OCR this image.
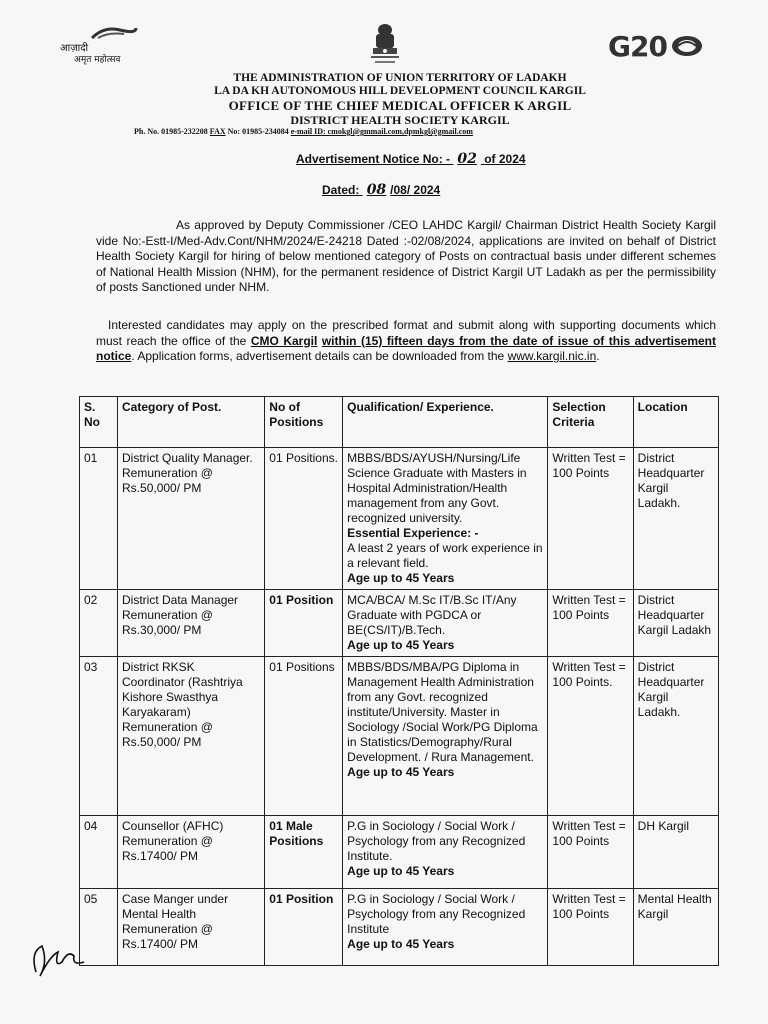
आज़ादी
अमृत महोत्सव	G20

THE ADMINISTRATION OF UNION TERRITORY OF LADAKH

LA DA KH AUTONOMOUS HILL DEVELOPMENT COUNCIL KARGIL

OFFICE OF THE CHIEF MEDICAL OFFICER K ARGIL

DISTRICT HEALTH SOCIETY KARGIL

Ph. No. 01985-232208 FAX No: 01985-234084 e-mail ID: cmokgl@gmmail.com,dpmkgl@gmail.com
Advertisement Notice No: - 02 of 2024
Dated: 08 /08/ 2024

As approved by Deputy Commissioner /CEO LAHDC Kargil/ Chairman District Health Society Kargil vide No:-Estt-I/Med-Adv.Cont/NHM/2024/E-24218 Dated :-02/08/2024, applications are invited on behalf of District Health Society Kargil for hiring of below mentioned category of Posts on contractual basis under different schemes of National Health Mission (NHM), for the permanent residence of District Kargil UT Ladakh as per the permissibility of posts Sanctioned under NHM.

Interested candidates may apply on the prescribed format and submit along with supporting documents which must reach the office of the CMO Kargil within (15) fifteen days from the date of issue of this advertisement notice. Application forms, advertisement details can be downloaded from the www.kargil.nic.in.

S. No	Category of Post.	No of Positions	Qualification/ Experience.	Selection Criteria	Location
01	District Quality Manager. Remuneration @ Rs.50,000/ PM	01 Positions.	MBBS/BDS/AYUSH/Nursing/Life Science Graduate with Masters in Hospital Administration/Health management from any Govt. recognized university.
Essential Experience: -
A least 2 years of work experience in a relevant field.
Age up to 45 Years	Written Test = 100 Points	District Headquarter Kargil Ladakh.
02	District Data Manager Remuneration @ Rs.30,000/ PM	01 Position	MCA/BCA/ M.Sc IT/B.Sc IT/Any Graduate with PGDCA or BE(CS/IT)/B.Tech.
Age up to 45 Years	Written Test = 100 Points	District Headquarter Kargil Ladakh
03	District RKSK Coordinator (Rashtriya Kishore Swasthya Karyakaram) Remuneration @ Rs.50,000/ PM	01 Positions	MBBS/BDS/MBA/PG Diploma in Management Health Administration from any Govt. recognized institute/University. Master in Sociology /Social Work/PG Diploma in Statistics/Demography/Rural Development. / Rura Management.
Age up to 45 Years	Written Test = 100 Points.	District Headquarter Kargil Ladakh.
04	Counsellor (AFHC) Remuneration @ Rs.17400/ PM	01 Male Positions	P.G in Sociology / Social Work / Psychology from any Recognized Institute.
Age up to 45 Years	Written Test = 100 Points	DH Kargil
05	Case Manger under Mental Health Remuneration @ Rs.17400/ PM	01 Position	P.G in Sociology / Social Work / Psychology from any Recognized Institute
Age up to 45 Years	Written Test = 100 Points	Mental Health Kargil
